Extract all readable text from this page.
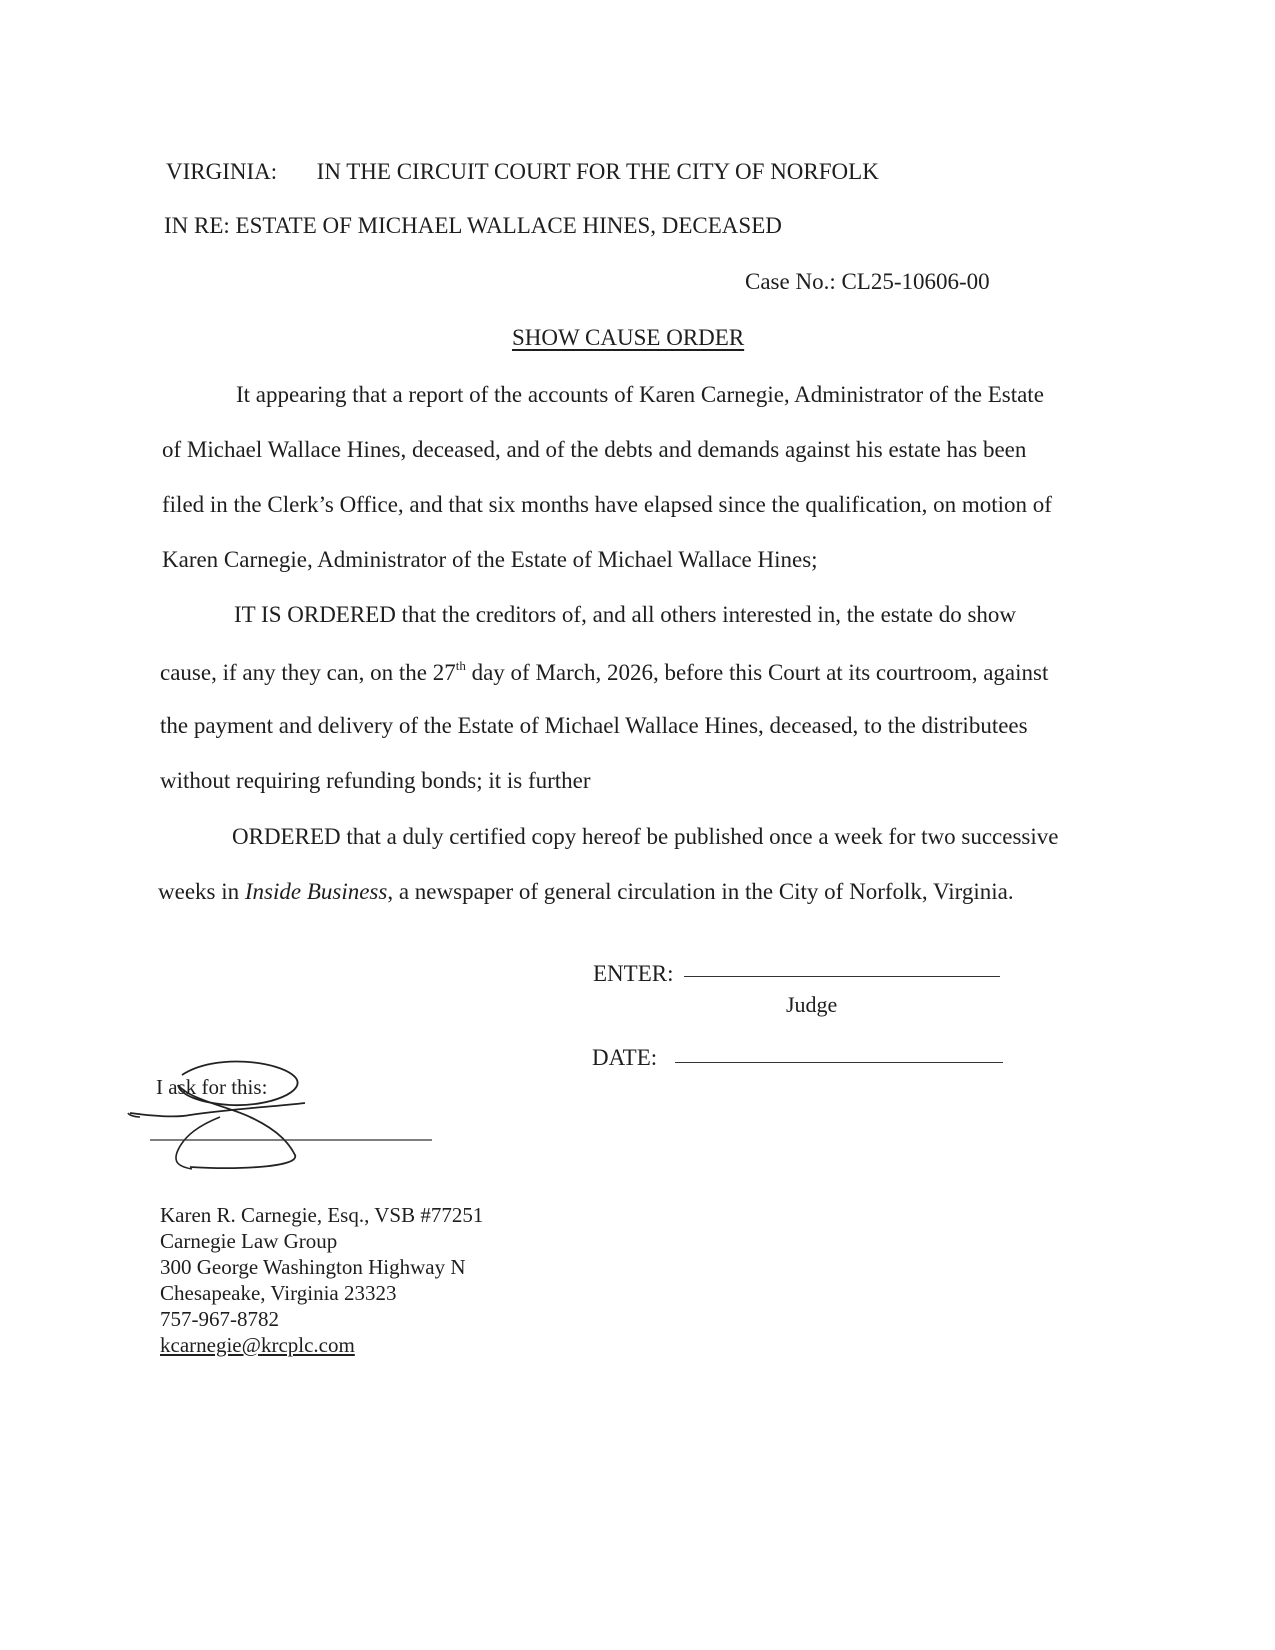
VIRGINIA: IN THE CIRCUIT COURT FOR THE CITY OF NORFOLK
IN RE: ESTATE OF MICHAEL WALLACE HINES, DECEASED
Case No.: CL25-10606-00
SHOW CAUSE ORDER
It appearing that a report of the accounts of Karen Carnegie, Administrator of the Estate
of Michael Wallace Hines, deceased, and of the debts and demands against his estate has been
filed in the Clerk’s Office, and that six months have elapsed since the qualification, on motion of
Karen Carnegie, Administrator of the Estate of Michael Wallace Hines;
IT IS ORDERED that the creditors of, and all others interested in, the estate do show
cause, if any they can, on the 27th day of March, 2026, before this Court at its courtroom, against
the payment and delivery of the Estate of Michael Wallace Hines, deceased, to the distributees
without requiring refunding bonds; it is further
ORDERED that a duly certified copy hereof be published once a week for two successive
weeks in Inside Business, a newspaper of general circulation in the City of Norfolk, Virginia.
ENTER:
Judge
DATE:
I ask for this:
Karen R. Carnegie, Esq., VSB #77251
Carnegie Law Group
300 George Washington Highway N
Chesapeake, Virginia 23323
757-967-8782
kcarnegie@krcplc.com
